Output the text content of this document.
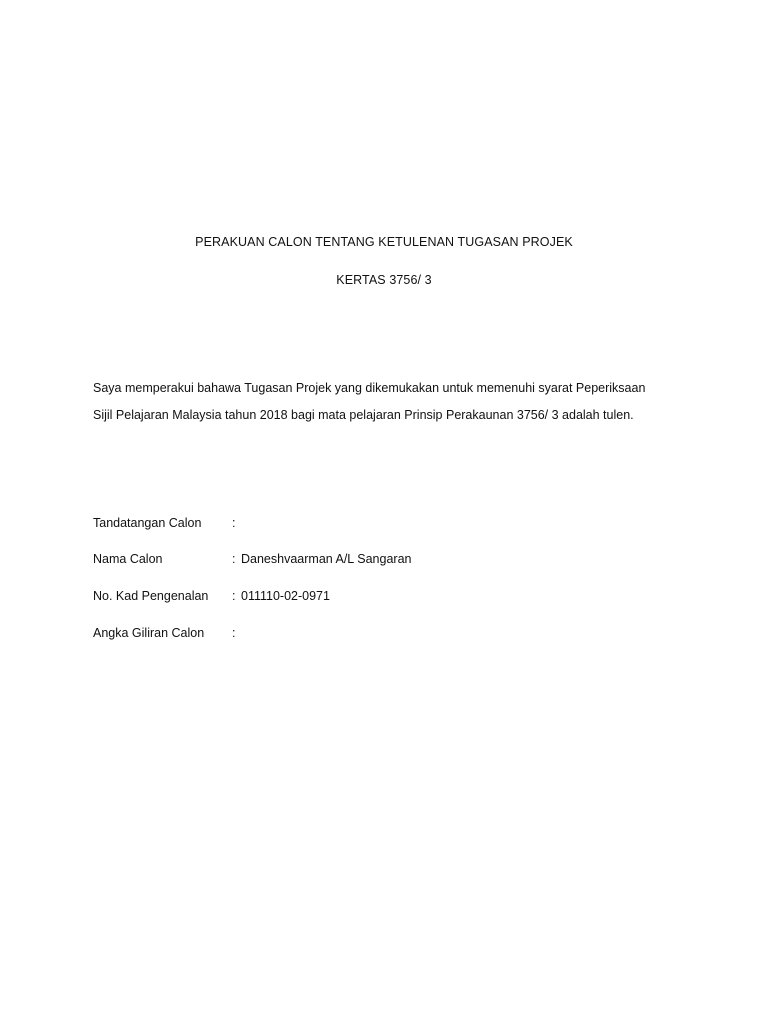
PERAKUAN CALON TENTANG KETULENAN TUGASAN PROJEK
KERTAS 3756/ 3
Saya memperakui bahawa Tugasan Projek yang dikemukakan untuk memenuhi syarat Peperiksaan
Sijil Pelajaran Malaysia tahun 2018 bagi mata pelajaran Prinsip Perakaunan 3756/ 3 adalah tulen.
Tandatangan Calon :
Nama Calon	: Daneshvaarman A/L Sangaran
No. Kad Pengenalan : 011110-02-0971
Angka Giliran Calon :
